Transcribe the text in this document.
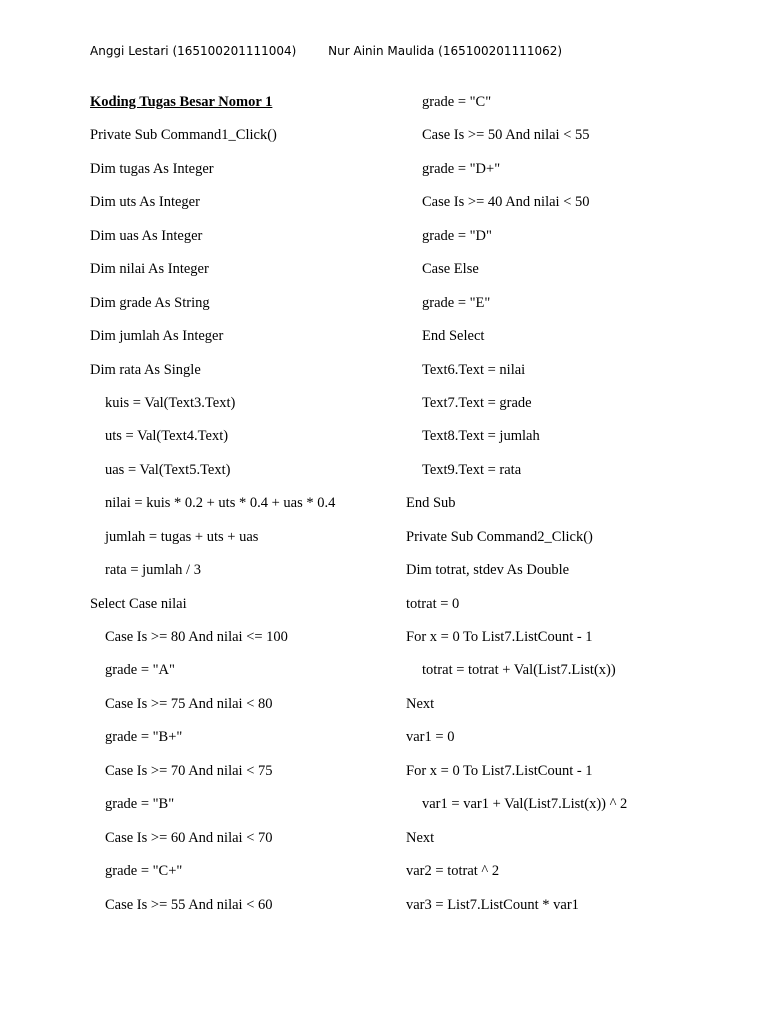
Anggi Lestari (165100201111004)	Nur Ainin Maulida (165100201111062)
Koding Tugas Besar Nomor 1
Private Sub Command1_Click()
Dim tugas As Integer
Dim uts As Integer
Dim uas As Integer
Dim nilai As Integer
Dim grade As String
Dim jumlah As Integer
Dim rata As Single
kuis = Val(Text3.Text)
uts = Val(Text4.Text)
uas = Val(Text5.Text)
nilai = kuis * 0.2 + uts * 0.4 + uas * 0.4
jumlah = tugas + uts + uas
rata = jumlah / 3
Select Case nilai
Case Is >= 80 And nilai <= 100
grade = "A"
Case Is >= 75 And nilai < 80
grade = "B+"
Case Is >= 70 And nilai < 75
grade = "B"
Case Is >= 60 And nilai < 70
grade = "C+"
Case Is >= 55 And nilai < 60
grade = "C"
Case Is >= 50 And nilai < 55
grade = "D+"
Case Is >= 40 And nilai < 50
grade = "D"
Case Else
grade = "E"
End Select
Text6.Text = nilai
Text7.Text = grade
Text8.Text = jumlah
Text9.Text = rata
End Sub
Private Sub Command2_Click()
Dim totrat, stdev As Double
totrat = 0
For x = 0 To List7.ListCount - 1
totrat = totrat + Val(List7.List(x))
Next
var1 = 0
For x = 0 To List7.ListCount - 1
var1 = var1 + Val(List7.List(x)) ^ 2
Next
var2 = totrat ^ 2
var3 = List7.ListCount * var1
